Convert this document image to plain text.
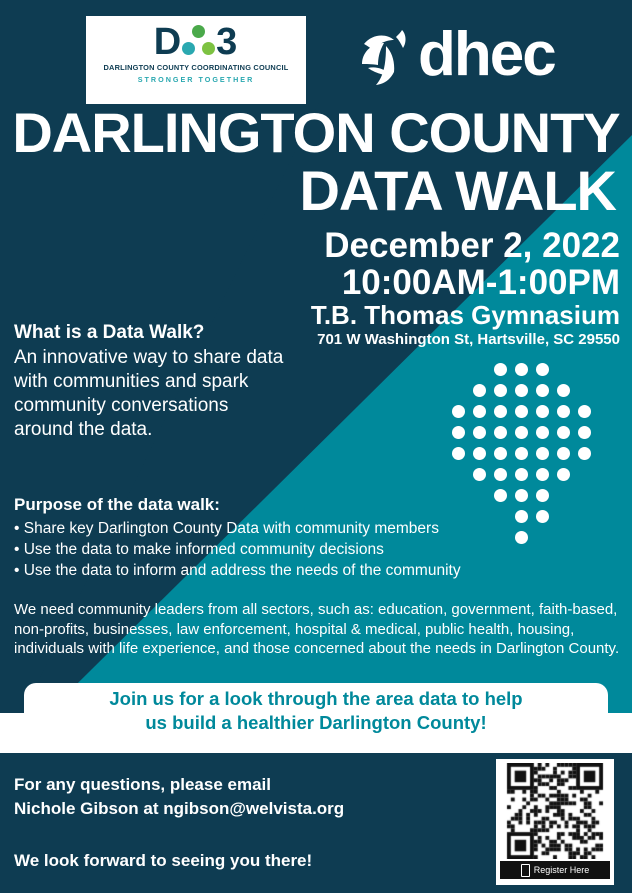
D 3
DARLINGTON COUNTY COORDINATING COUNCIL
STRONGER TOGETHER	dhec
DARLINGTON COUNTY
DATA WALK
December 2, 2022
10:00AM-1:00PM
T.B. Thomas Gymnasium
701 W Washington St, Hartsville, SC 29550
What is a Data Walk?
An innovative way to share data with communities and spark community conversations around the data.
Purpose of the data walk:
• Share key Darlington County Data with community members
• Use the data to make informed community decisions
• Use the data to inform and address the needs of the community
We need community leaders from all sectors, such as: education, government, faith-based, non-profits, businesses, law enforcement, hospital & medical, public health, housing, individuals with life experience, and those concerned about the needs in Darlington County.
Join us for a look through the area data to help
us build a healthier Darlington County!
For any questions, please email
Nichole Gibson at ngibson@welvista.org
We look forward to seeing you there!	Register Here
